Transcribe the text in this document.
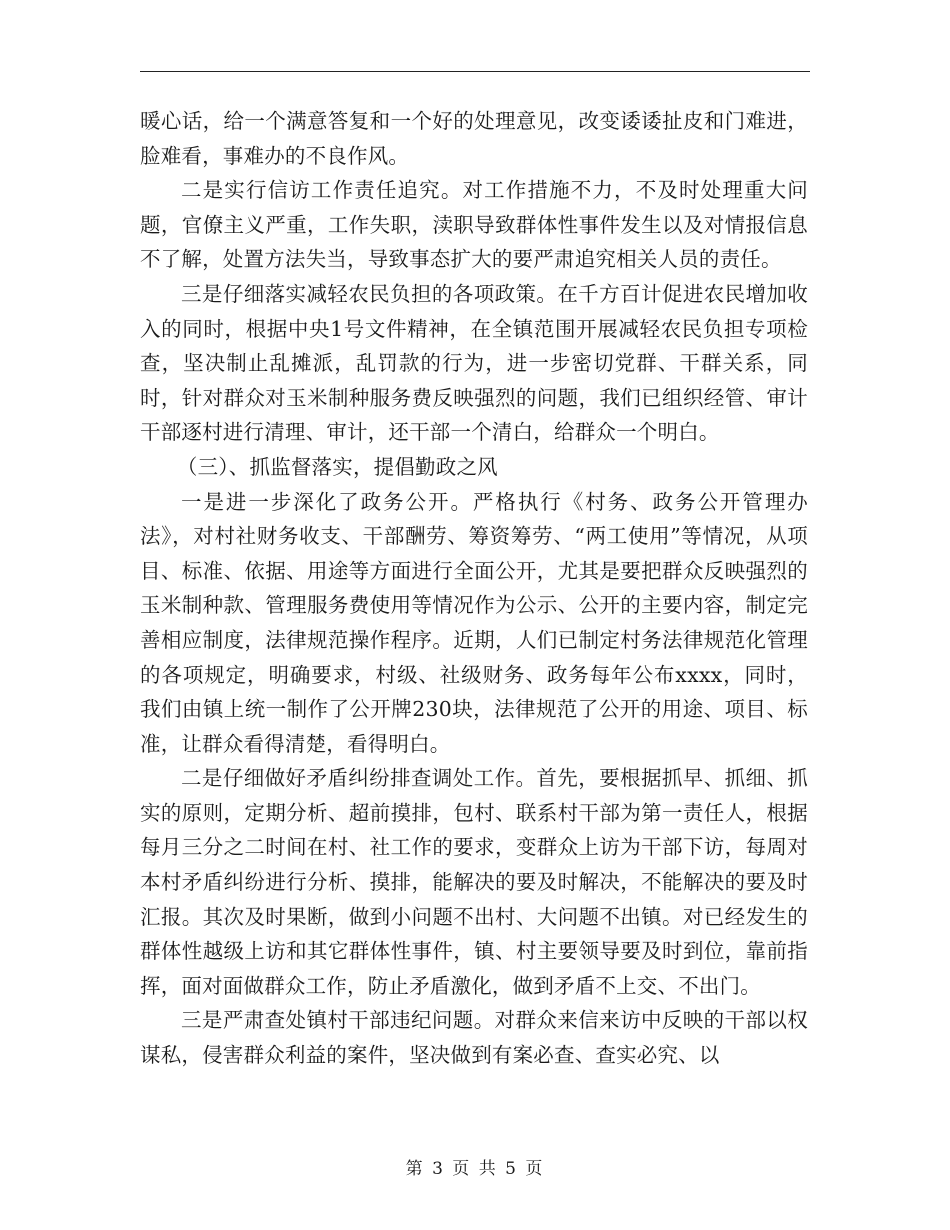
暖心话，给一个满意答复和一个好的处理意见，改变诿诿扯皮和门难进，脸难看，事难办的不良作风。

二是实行信访工作责任追究。对工作措施不力，不及时处理重大问题，官僚主义严重，工作失职，渎职导致群体性事件发生以及对情报信息不了解，处置方法失当，导致事态扩大的要严肃追究相关人员的责任。

三是仔细落实减轻农民负担的各项政策。在千方百计促进农民增加收入的同时，根据中央1号文件精神，在全镇范围开展减轻农民负担专项检查，坚决制止乱摊派，乱罚款的行为，进一步密切党群、干群关系，同时，针对群众对玉米制种服务费反映强烈的问题，我们已组织经管、审计干部逐村进行清理、审计，还干部一个清白，给群众一个明白。

（三）、抓监督落实，提倡勤政之风

一是进一步深化了政务公开。严格执行《村务、政务公开管理办法》，对村社财务收支、干部酬劳、筹资筹劳、“两工使用”等情况，从项目、标准、依据、用途等方面进行全面公开，尤其是要把群众反映强烈的玉米制种款、管理服务费使用等情况作为公示、公开的主要内容，制定完善相应制度，法律规范操作程序。近期，人们已制定村务法律规范化管理的各项规定，明确要求，村级、社级财务、政务每年公布xxxx，同时，我们由镇上统一制作了公开牌230块，法律规范了公开的用途、项目、标准，让群众看得清楚，看得明白。

二是仔细做好矛盾纠纷排查调处工作。首先，要根据抓早、抓细、抓实的原则，定期分析、超前摸排，包村、联系村干部为第一责任人，根据每月三分之二时间在村、社工作的要求，变群众上访为干部下访，每周对本村矛盾纠纷进行分析、摸排，能解决的要及时解决，不能解决的要及时汇报。其次及时果断，做到小问题不出村、大问题不出镇。对已经发生的群体性越级上访和其它群体性事件，镇、村主要领导要及时到位，靠前指挥，面对面做群众工作，防止矛盾激化，做到矛盾不上交、不出门。

三是严肃查处镇村干部违纪问题。对群众来信来访中反映的干部以权谋私，侵害群众利益的案件，坚决做到有案必查、查实必究、以

第 3 页 共 5 页
